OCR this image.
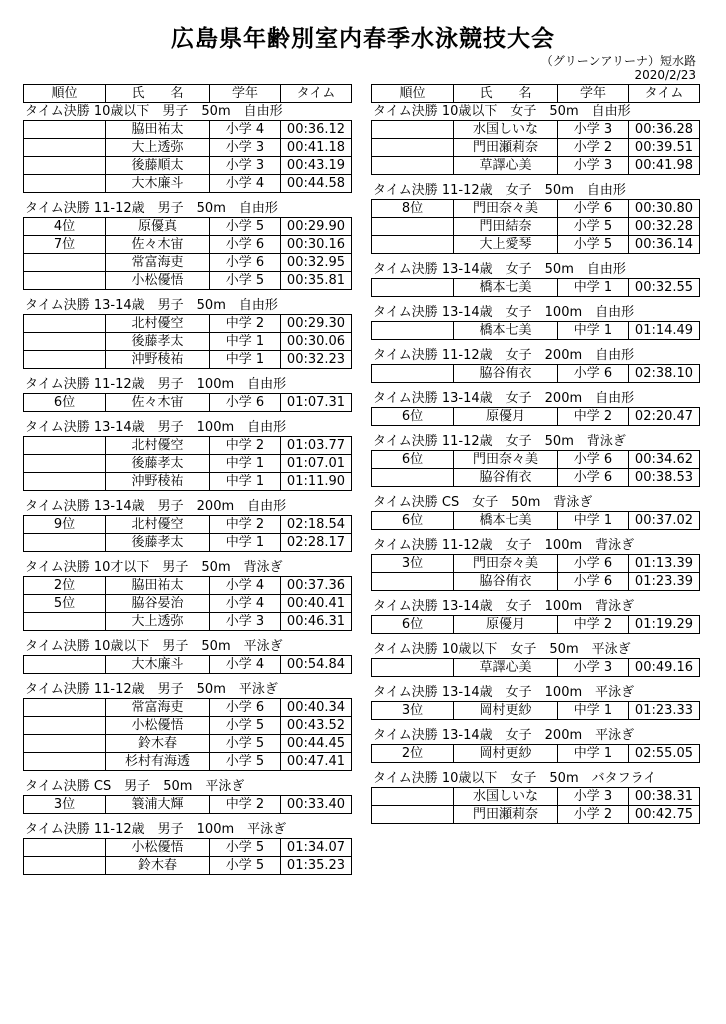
広島県年齢別室内春季水泳競技大会
（グリーンアリーナ）短水路
2020/2/23
順位	氏　　名	学年	タイム
タイム決勝 10歳以下　男子　50m　自由形
	脇田祐太	小学 4	00:36.12
	大上透弥	小学 3	00:41.18
	後藤順太	小学 3	00:43.19
	大木廉斗	小学 4	00:44.58
タイム決勝 11-12歳　男子　50m　自由形
4位	原優真	小学 5	00:29.90
7位	佐々木宙	小学 6	00:30.16
	常富海吏	小学 6	00:32.95
	小松優悟	小学 5	00:35.81
タイム決勝 13-14歳　男子　50m　自由形
	北村優空	中学 2	00:29.30
	後藤孝太	中学 1	00:30.06
	沖野稜祐	中学 1	00:32.23
タイム決勝 11-12歳　男子　100m　自由形
6位	佐々木宙	小学 6	01:07.31
タイム決勝 13-14歳　男子　100m　自由形
	北村優空	中学 2	01:03.77
	後藤孝太	中学 1	01:07.01
	沖野稜祐	中学 1	01:11.90
タイム決勝 13-14歳　男子　200m　自由形
9位	北村優空	中学 2	02:18.54
	後藤孝太	中学 1	02:28.17
タイム決勝 10才以下　男子　50m　背泳ぎ
2位	脇田祐太	小学 4	00:37.36
5位	脇谷晏治	小学 4	00:40.41
	大上透弥	小学 3	00:46.31
タイム決勝 10歳以下　男子　50m　平泳ぎ
	大木廉斗	小学 4	00:54.84
タイム決勝 11-12歳　男子　50m　平泳ぎ
	常富海吏	小学 6	00:40.34
	小松優悟	小学 5	00:43.52
	鈴木春	小学 5	00:44.45
	杉村有海透	小学 5	00:47.41
タイム決勝 CS　男子　50m　平泳ぎ
3位	簔浦大輝	中学 2	00:33.40
タイム決勝 11-12歳　男子　100m　平泳ぎ
	小松優悟	小学 5	01:34.07
	鈴木春	小学 5	01:35.23
順位	氏　　名	学年	タイム
タイム決勝 10歳以下　女子　50m　自由形
	水国しいな	小学 3	00:36.28
	門田瀬莉奈	小学 2	00:39.51
	草譯心美	小学 3	00:41.98
タイム決勝 11-12歳　女子　50m　自由形
8位	門田奈々美	小学 6	00:30.80
	門田結奈	小学 5	00:32.28
	大上愛琴	小学 5	00:36.14
タイム決勝 13-14歳　女子　50m　自由形
	橋本七美	中学 1	00:32.55
タイム決勝 13-14歳　女子　100m　自由形
	橋本七美	中学 1	01:14.49
タイム決勝 11-12歳　女子　200m　自由形
	脇谷侑衣	小学 6	02:38.10
タイム決勝 13-14歳　女子　200m　自由形
6位	原優月	中学 2	02:20.47
タイム決勝 11-12歳　女子　50m　背泳ぎ
6位	門田奈々美	小学 6	00:34.62
	脇谷侑衣	小学 6	00:38.53
タイム決勝 CS　女子　50m　背泳ぎ
6位	橋本七美	中学 1	00:37.02
タイム決勝 11-12歳　女子　100m　背泳ぎ
3位	門田奈々美	小学 6	01:13.39
	脇谷侑衣	小学 6	01:23.39
タイム決勝 13-14歳　女子　100m　背泳ぎ
6位	原優月	中学 2	01:19.29
タイム決勝 10歳以下　女子　50m　平泳ぎ
	草譯心美	小学 3	00:49.16
タイム決勝 13-14歳　女子　100m　平泳ぎ
3位	岡村更紗	中学 1	01:23.33
タイム決勝 13-14歳　女子　200m　平泳ぎ
2位	岡村更紗	中学 1	02:55.05
タイム決勝 10歳以下　女子　50m　バタフライ
	水国しいな	小学 3	00:38.31
	門田瀬莉奈	小学 2	00:42.75
